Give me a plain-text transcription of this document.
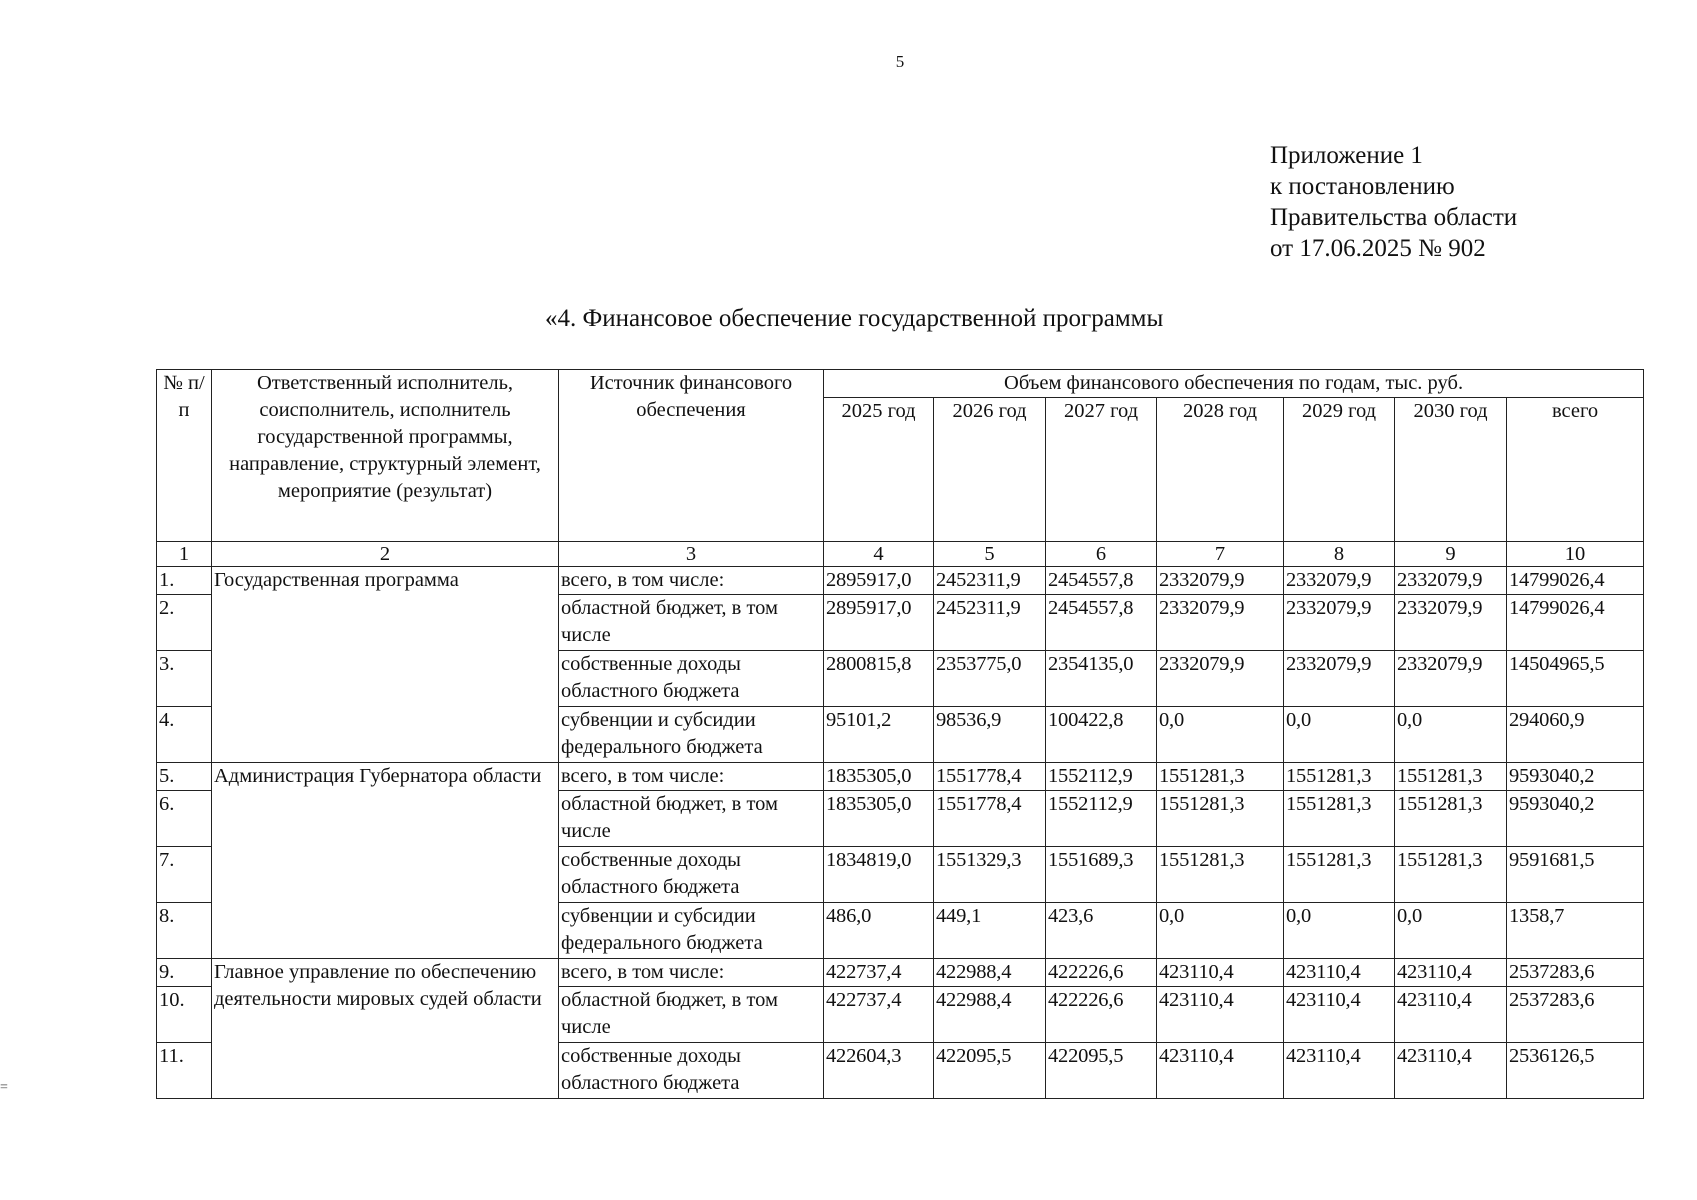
5
Приложение 1
к постановлению
Правительства области
от 17.06.2025 № 902
«4. Финансовое обеспечение государственной программы
№ п/п	Ответственный исполнитель, соисполнитель, исполнитель государственной программы, направление, структурный элемент, мероприятие (результат)	Источник финансового обеспечения	Объем финансового обеспечения по годам, тыс. руб.						
			2025 год	2026 год	2027 год	2028 год	2029 год	2030 год	всего
1	2	3	4	5	6	7	8	9	10
1.	Государственная программа	всего, в том числе:	2895917,0	2452311,9	2454557,8	2332079,9	2332079,9	2332079,9	14799026,4
2.		областной бюджет, в том числе	2895917,0	2452311,9	2454557,8	2332079,9	2332079,9	2332079,9	14799026,4
3.		собственные доходы областного бюджета	2800815,8	2353775,0	2354135,0	2332079,9	2332079,9	2332079,9	14504965,5
4.		субвенции и субсидии федерального бюджета	95101,2	98536,9	100422,8	0,0	0,0	0,0	294060,9
5.	Администрация Губернатора области	всего, в том числе:	1835305,0	1551778,4	1552112,9	1551281,3	1551281,3	1551281,3	9593040,2
6.		областной бюджет, в том числе	1835305,0	1551778,4	1552112,9	1551281,3	1551281,3	1551281,3	9593040,2
7.		собственные доходы областного бюджета	1834819,0	1551329,3	1551689,3	1551281,3	1551281,3	1551281,3	9591681,5
8.		субвенции и субсидии федерального бюджета	486,0	449,1	423,6	0,0	0,0	0,0	1358,7
9.	Главное управление по обеспечению деятельности мировых судей области	всего, в том числе:	422737,4	422988,4	422226,6	423110,4	423110,4	423110,4	2537283,6
10.		областной бюджет, в том числе	422737,4	422988,4	422226,6	423110,4	423110,4	423110,4	2537283,6
11.		собственные доходы областного бюджета	422604,3	422095,5	422095,5	423110,4	423110,4	423110,4	2536126,5
=
